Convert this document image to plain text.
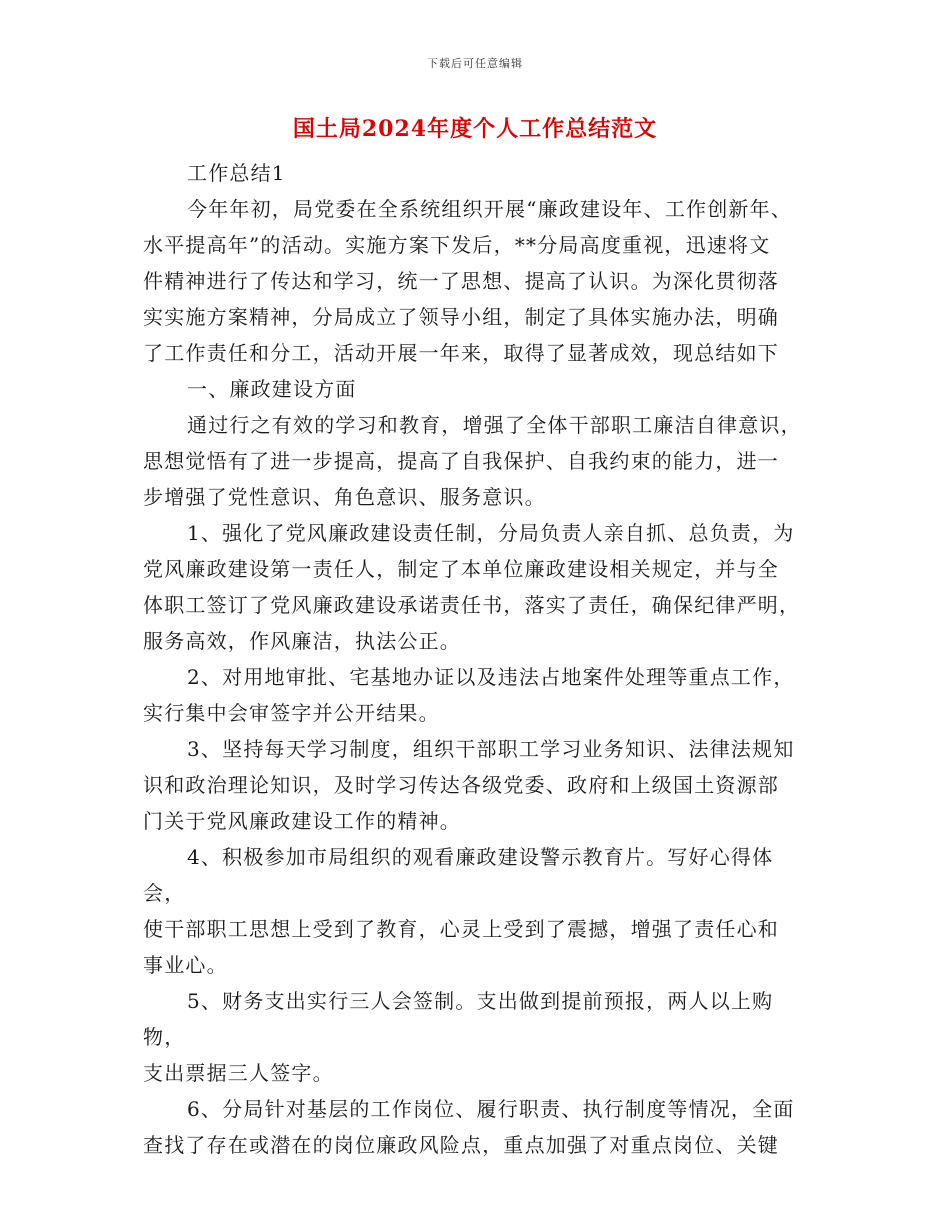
下载后可任意编辑
国土局2024年度个人工作总结范文

工作总结1

今年年初，局党委在全系统组织开展“廉政建设年、工作创新年、

水平提高年”的活动。实施方案下发后，**分局高度重视，迅速将文

件精神进行了传达和学习，统一了思想、提高了认识。为深化贯彻落

实实施方案精神，分局成立了领导小组，制定了具体实施办法，明确

了工作责任和分工，活动开展一年来，取得了显著成效，现总结如下

一、廉政建设方面

通过行之有效的学习和教育，增强了全体干部职工廉洁自律意识，

思想觉悟有了进一步提高，提高了自我保护、自我约束的能力，进一

步增强了党性意识、角色意识、服务意识。

1、强化了党风廉政建设责任制，分局负责人亲自抓、总负责，为

党风廉政建设第一责任人，制定了本单位廉政建设相关规定，并与全

体职工签订了党风廉政建设承诺责任书，落实了责任，确保纪律严明，

服务高效，作风廉洁，执法公正。

2、对用地审批、宅基地办证以及违法占地案件处理等重点工作，

实行集中会审签字并公开结果。

3、坚持每天学习制度，组织干部职工学习业务知识、法律法规知

识和政治理论知识，及时学习传达各级党委、政府和上级国土资源部

门关于党风廉政建设工作的精神。

4、积极参加市局组织的观看廉政建设警示教育片。写好心得体会，

使干部职工思想上受到了教育，心灵上受到了震撼，增强了责任心和

事业心。

5、财务支出实行三人会签制。支出做到提前预报，两人以上购物，

支出票据三人签字。

6、分局针对基层的工作岗位、履行职责、执行制度等情况，全面

查找了存在或潜在的岗位廉政风险点，重点加强了对重点岗位、关键
